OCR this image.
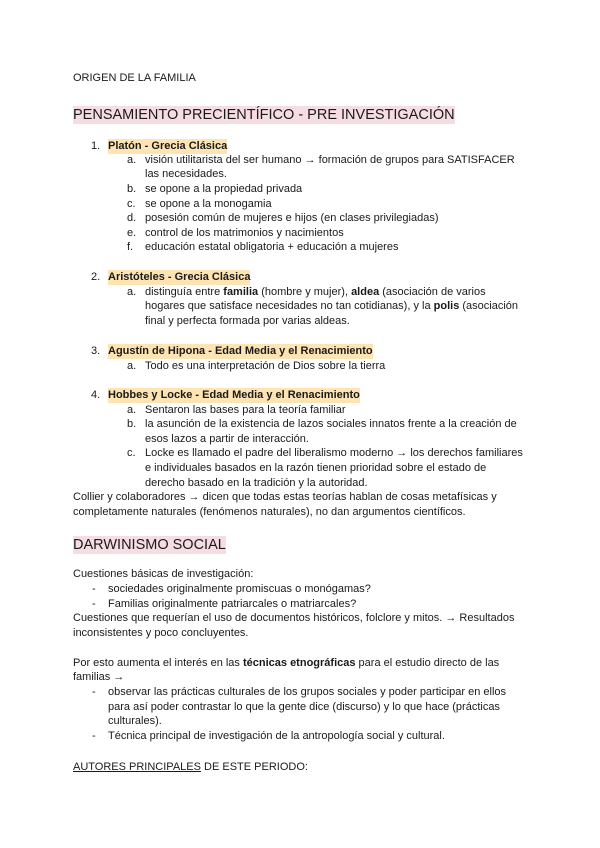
ORIGEN DE LA FAMILIA
PENSAMIENTO PRECIENTÍFICO - PRE INVESTIGACIÓN
1. Platón - Grecia Clásica
a. visión utilitarista del ser humano → formación de grupos para SATISFACER
las necesidades.
b. se opone a la propiedad privada
c. se opone a la monogamia
d. posesión común de mujeres e hijos (en clases privilegiadas)
e. control de los matrimonios y nacimientos
f. educación estatal obligatoria + educación a mujeres
2. Aristóteles - Grecia Clásica
a. distinguía entre familia (hombre y mujer), aldea (asociación de varios
hogares que satisface necesidades no tan cotidianas), y la polis (asociación
final y perfecta formada por varias aldeas.
3. Agustín de Hipona - Edad Media y el Renacimiento
a. Todo es una interpretación de Dios sobre la tierra
4. Hobbes y Locke - Edad Media y el Renacimiento
a. Sentaron las bases para la teoría familiar
b. la asunción de la existencia de lazos sociales innatos frente a la creación de
esos lazos a partir de interacción.
c. Locke es llamado el padre del liberalismo moderno → los derechos familiares
e individuales basados en la razón tienen prioridad sobre el estado de
derecho basado en la tradición y la autoridad.
Collier y colaboradores → dicen que todas estas teorías hablan de cosas metafísicas y
completamente naturales (fenómenos naturales), no dan argumentos científicos.
DARWINISMO SOCIAL
Cuestiones básicas de investigación:
- sociedades originalmente promiscuas o monógamas?
- Familias originalmente patriarcales o matriarcales?
Cuestiones que requerían el uso de documentos históricos, folclore y mitos. → Resultados
inconsistentes y poco concluyentes.
Por esto aumenta el interés en las técnicas etnográficas para el estudio directo de las
familias →
- observar las prácticas culturales de los grupos sociales y poder participar en ellos
para así poder contrastar lo que la gente dice (discurso) y lo que hace (prácticas
culturales).
- Técnica principal de investigación de la antropología social y cultural.
AUTORES PRINCIPALES DE ESTE PERIODO:
